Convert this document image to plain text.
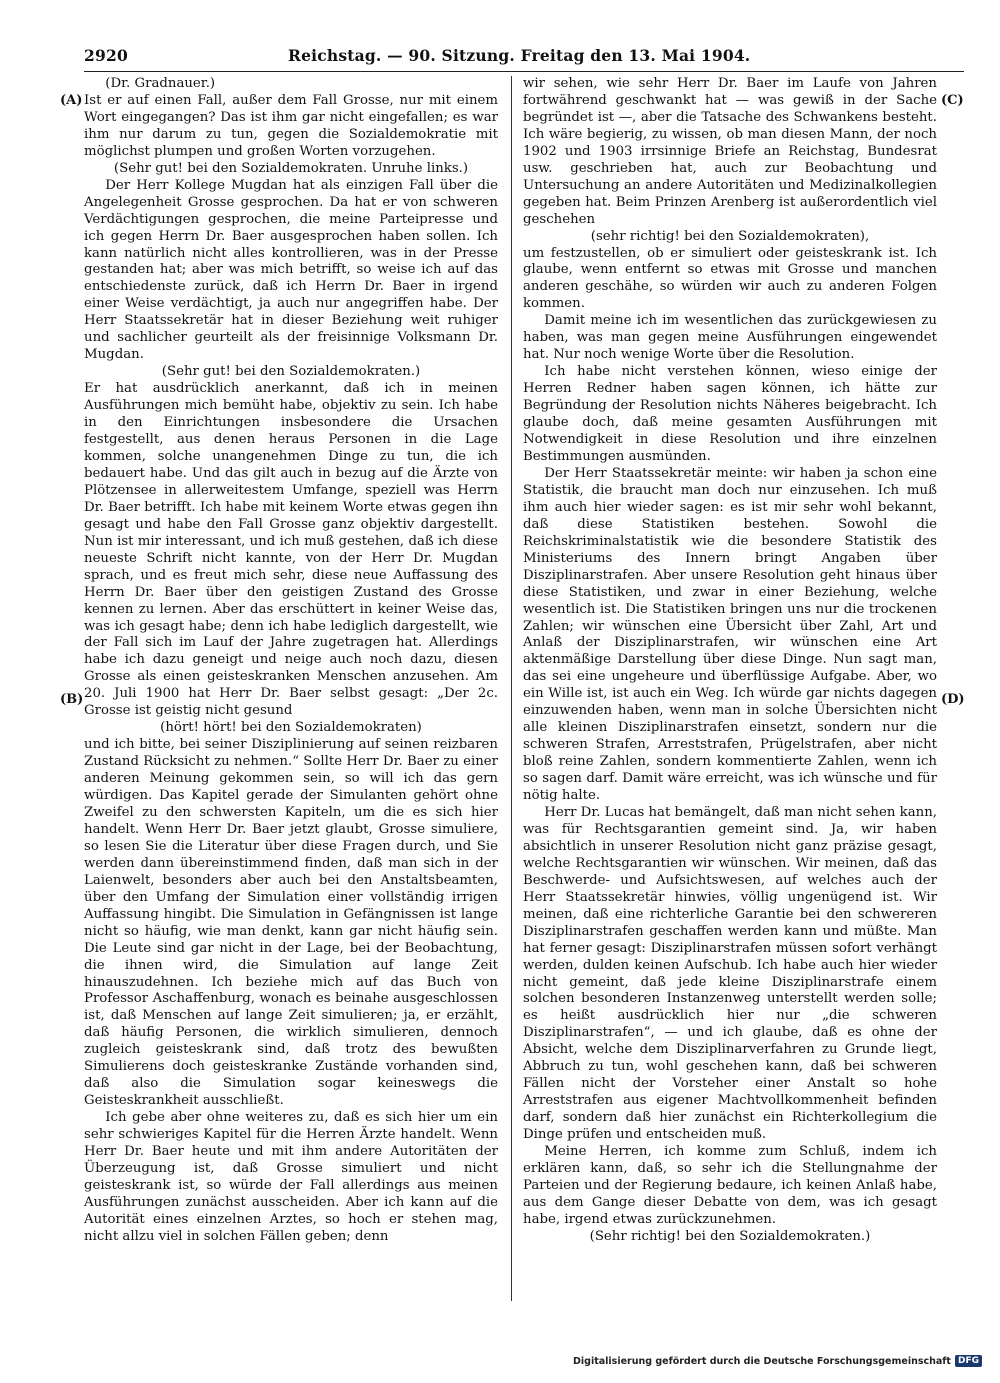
2920	Reichstag. — 90. Sitzung. Freitag den 13. Mai 1904.
(A)
(B)
(C)
(D)

(Dr. Gradnauer.)

Ist er auf einen Fall, außer dem Fall Grosse, nur mit einem Wort eingegangen? Das ist ihm gar nicht eingefallen; es war ihm nur darum zu tun, gegen die Sozialdemokratie mit möglichst plumpen und großen Worten vorzugehen.

(Sehr gut! bei den Sozialdemokraten. Unruhe links.)

Der Herr Kollege Mugdan hat als einzigen Fall über die Angelegenheit Grosse gesprochen. Da hat er von schweren Verdächtigungen gesprochen, die meine Parteipresse und ich gegen Herrn Dr. Baer ausgesprochen haben sollen. Ich kann natürlich nicht alles kontrollieren, was in der Presse gestanden hat; aber was mich betrifft, so weise ich auf das entschiedenste zurück, daß ich Herrn Dr. Baer in irgend einer Weise verdächtigt, ja auch nur angegriffen habe. Der Herr Staatssekretär hat in dieser Beziehung weit ruhiger und sachlicher geurteilt als der freisinnige Volksmann Dr. Mugdan.

(Sehr gut! bei den Sozialdemokraten.)

Er hat ausdrücklich anerkannt, daß ich in meinen Ausführungen mich bemüht habe, objektiv zu sein. Ich habe in den Einrichtungen insbesondere die Ursachen festgestellt, aus denen heraus Personen in die Lage kommen, solche unangenehmen Dinge zu tun, die ich bedauert habe. Und das gilt auch in bezug auf die Ärzte von Plötzensee in allerweitestem Umfange, speziell was Herrn Dr. Baer betrifft. Ich habe mit keinem Worte etwas gegen ihn gesagt und habe den Fall Grosse ganz objektiv dargestellt. Nun ist mir interessant, und ich muß gestehen, daß ich diese neueste Schrift nicht kannte, von der Herr Dr. Mugdan sprach, und es freut mich sehr, diese neue Auffassung des Herrn Dr. Baer über den geistigen Zustand des Grosse kennen zu lernen. Aber das erschüttert in keiner Weise das, was ich gesagt habe; denn ich habe lediglich dargestellt, wie der Fall sich im Lauf der Jahre zugetragen hat. Allerdings habe ich dazu geneigt und neige auch noch dazu, diesen Grosse als einen geisteskranken Menschen anzusehen. Am 20. Juli 1900 hat Herr Dr. Baer selbst gesagt: „Der 2c. Grosse ist geistig nicht gesund

(hört! hört! bei den Sozialdemokraten)

und ich bitte, bei seiner Disziplinierung auf seinen reizbaren Zustand Rücksicht zu nehmen.“ Sollte Herr Dr. Baer zu einer anderen Meinung gekommen sein, so will ich das gern würdigen. Das Kapitel gerade der Simulanten gehört ohne Zweifel zu den schwersten Kapiteln, um die es sich hier handelt. Wenn Herr Dr. Baer jetzt glaubt, Grosse simuliere, so lesen Sie die Literatur über diese Fragen durch, und Sie werden dann übereinstimmend finden, daß man sich in der Laienwelt, besonders aber auch bei den Anstaltsbeamten, über den Umfang der Simulation einer vollständig irrigen Auffassung hingibt. Die Simulation in Gefängnissen ist lange nicht so häufig, wie man denkt, kann gar nicht häufig sein. Die Leute sind gar nicht in der Lage, bei der Beobachtung, die ihnen wird, die Simulation auf lange Zeit hinauszudehnen. Ich beziehe mich auf das Buch von Professor Aschaffenburg, wonach es beinahe ausgeschlossen ist, daß Menschen auf lange Zeit simulieren; ja, er erzählt, daß häufig Personen, die wirklich simulieren, dennoch zugleich geisteskrank sind, daß trotz des bewußten Simulierens doch geisteskranke Zustände vorhanden sind, daß also die Simulation sogar keineswegs die Geisteskrankheit ausschließt.

Ich gebe aber ohne weiteres zu, daß es sich hier um ein sehr schwieriges Kapitel für die Herren Ärzte handelt. Wenn Herr Dr. Baer heute und mit ihm andere Autoritäten der Überzeugung ist, daß Grosse simuliert und nicht geisteskrank ist, so würde der Fall allerdings aus meinen Ausführungen zunächst ausscheiden. Aber ich kann auf die Autorität eines einzelnen Arztes, so hoch er stehen mag, nicht allzu viel in solchen Fällen geben; denn

wir sehen, wie sehr Herr Dr. Baer im Laufe von Jahren fortwährend geschwankt hat — was gewiß in der Sache begründet ist —, aber die Tatsache des Schwankens besteht. Ich wäre begierig, zu wissen, ob man diesen Mann, der noch 1902 und 1903 irrsinnige Briefe an Reichstag, Bundesrat usw. geschrieben hat, auch zur Beobachtung und Untersuchung an andere Autoritäten und Medizinalkollegien gegeben hat. Beim Prinzen Arenberg ist außerordentlich viel geschehen

(sehr richtig! bei den Sozialdemokraten),

um festzustellen, ob er simuliert oder geisteskrank ist. Ich glaube, wenn entfernt so etwas mit Grosse und manchen anderen geschähe, so würden wir auch zu anderen Folgen kommen.

Damit meine ich im wesentlichen das zurückgewiesen zu haben, was man gegen meine Ausführungen eingewendet hat. Nur noch wenige Worte über die Resolution.

Ich habe nicht verstehen können, wieso einige der Herren Redner haben sagen können, ich hätte zur Begründung der Resolution nichts Näheres beigebracht. Ich glaube doch, daß meine gesamten Ausführungen mit Notwendigkeit in diese Resolution und ihre einzelnen Bestimmungen ausmünden.

Der Herr Staatssekretär meinte: wir haben ja schon eine Statistik, die braucht man doch nur einzusehen. Ich muß ihm auch hier wieder sagen: es ist mir sehr wohl bekannt, daß diese Statistiken bestehen. Sowohl die Reichskriminalstatistik wie die besondere Statistik des Ministeriums des Innern bringt Angaben über Disziplinarstrafen. Aber unsere Resolution geht hinaus über diese Statistiken, und zwar in einer Beziehung, welche wesentlich ist. Die Statistiken bringen uns nur die trockenen Zahlen; wir wünschen eine Übersicht über Zahl, Art und Anlaß der Disziplinarstrafen, wir wünschen eine Art aktenmäßige Darstellung über diese Dinge. Nun sagt man, das sei eine ungeheure und überflüssige Aufgabe. Aber, wo ein Wille ist, ist auch ein Weg. Ich würde gar nichts dagegen einzuwenden haben, wenn man in solche Übersichten nicht alle kleinen Disziplinarstrafen einsetzt, sondern nur die schweren Strafen, Arreststrafen, Prügelstrafen, aber nicht bloß reine Zahlen, sondern kommentierte Zahlen, wenn ich so sagen darf. Damit wäre erreicht, was ich wünsche und für nötig halte.

Herr Dr. Lucas hat bemängelt, daß man nicht sehen kann, was für Rechtsgarantien gemeint sind. Ja, wir haben absichtlich in unserer Resolution nicht ganz präzise gesagt, welche Rechtsgarantien wir wünschen. Wir meinen, daß das Beschwerde- und Aufsichtswesen, auf welches auch der Herr Staatssekretär hinwies, völlig ungenügend ist. Wir meinen, daß eine richterliche Garantie bei den schwereren Disziplinarstrafen geschaffen werden kann und müßte. Man hat ferner gesagt: Disziplinarstrafen müssen sofort verhängt werden, dulden keinen Aufschub. Ich habe auch hier wieder nicht gemeint, daß jede kleine Disziplinarstrafe einem solchen besonderen Instanzenweg unterstellt werden solle; es heißt ausdrücklich hier nur „die schweren Disziplinarstrafen“, — und ich glaube, daß es ohne der Absicht, welche dem Disziplinarverfahren zu Grunde liegt, Abbruch zu tun, wohl geschehen kann, daß bei schweren Fällen nicht der Vorsteher einer Anstalt so hohe Arreststrafen aus eigener Machtvollkommenheit befinden darf, sondern daß hier zunächst ein Richterkollegium die Dinge prüfen und entscheiden muß.

Meine Herren, ich komme zum Schluß, indem ich erklären kann, daß, so sehr ich die Stellungnahme der Parteien und der Regierung bedaure, ich keinen Anlaß habe, aus dem Gange dieser Debatte von dem, was ich gesagt habe, irgend etwas zurückzunehmen.

(Sehr richtig! bei den Sozialdemokraten.)

Digitalisierung gefördert durch die Deutsche Forschungsgemeinschaft DFG
